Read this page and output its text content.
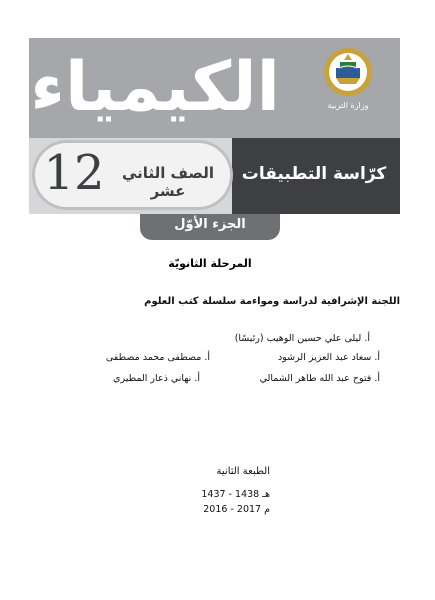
الكيمياء	وزارة التربية
12	الصف الثاني عشر
كرّاسة التطبيقات
الجزء الأوّل
المرحلة الثانويّة
اللجنة الإشرافية لدراسة ومواءمة سلسلة كتب العلوم
أ. ليلى علي حسين الوهيب (رئيسًا)
أ. سعاد عبد العزيز الرشود
أ. مصطفى محمد مصطفى
أ. فتوح عبد الله طاهر الشمالي
أ. نهاني ذعار المطيري
الطبعة الثانية
1437 - 1438 هـ
2016 - 2017 م
